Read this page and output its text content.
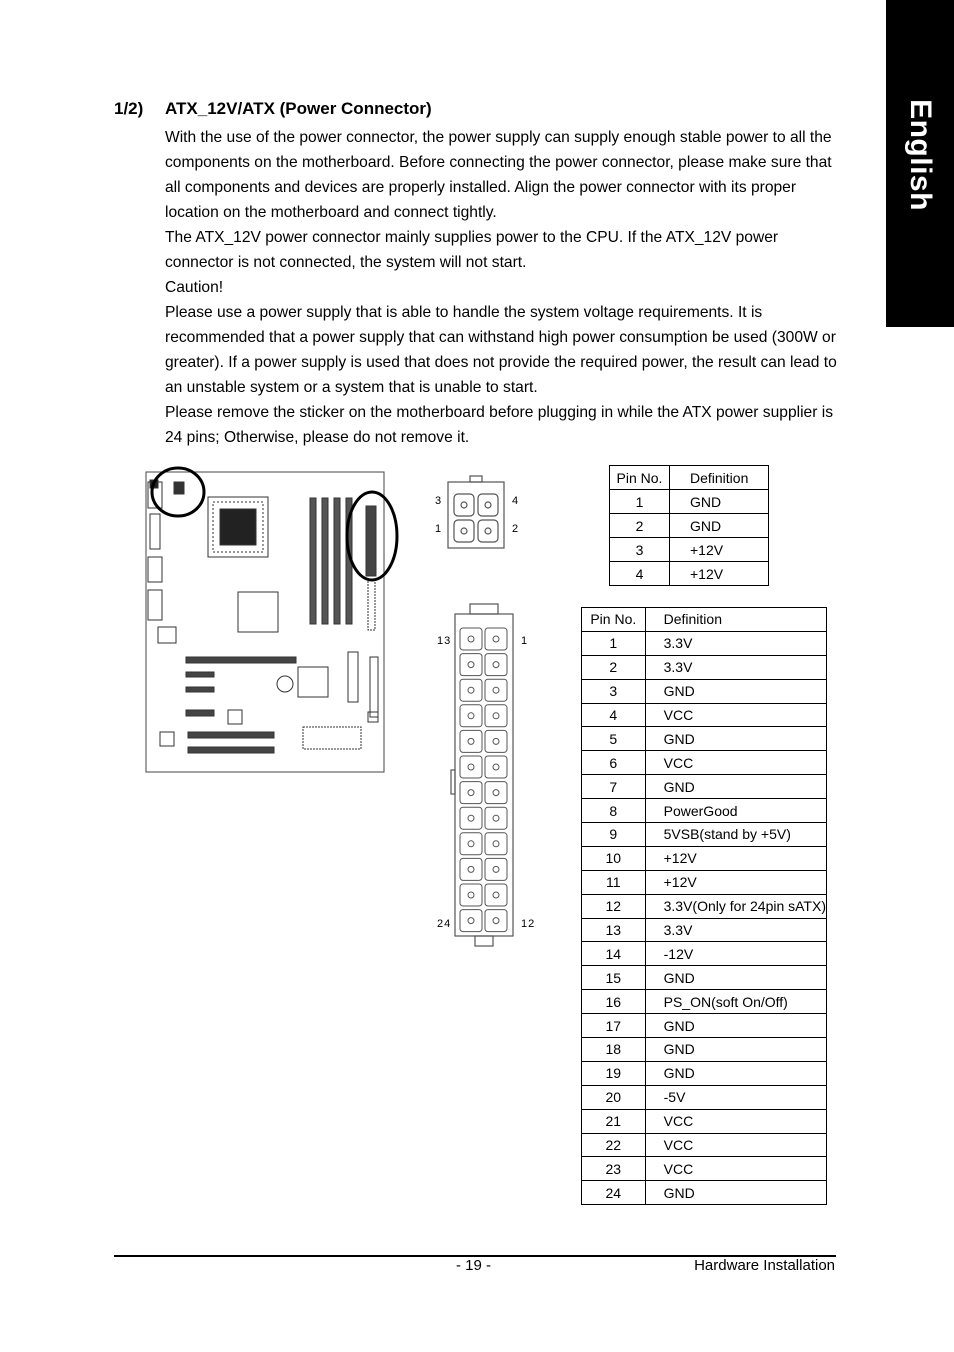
English
1/2) ATX_12V/ATX (Power Connector)

With the use of the power connector, the power supply can supply enough stable power to all the components on the motherboard. Before connecting the power connector, please make sure that all components and devices are properly installed. Align the power connector with its proper location on the motherboard and connect tightly.

The ATX_12V power connector mainly supplies power to the CPU. If the ATX_12V power connector is not connected, the system will not start.

Caution!

Please use a power supply that is able to handle the system voltage requirements. It is recommended that a power supply that can withstand high power consumption be used (300W or greater). If a power supply is used that does not provide the required power, the result can lead to an unstable system or a system that is unable to start.

Please remove the sticker on the motherboard before plugging in while the ATX power supplier is 24 pins; Otherwise, please do not remove it.

3	4
1	2
13	1
24	12
Pin No.	Definition
1	GND
2	GND
3	+12V
4	+12V
Pin No.	Definition
1	3.3V
2	3.3V
3	GND
4	VCC
5	GND
6	VCC
7	GND
8	PowerGood
9	5VSB(stand by +5V)
10	+12V
11	+12V
12	3.3V(Only for 24pin sATX)
13	3.3V
14	-12V
15	GND
16	PS_ON(soft On/Off)
17	GND
18	GND
19	GND
20	-5V
21	VCC
22	VCC
23	VCC
24	GND
- 19 -	Hardware Installation
